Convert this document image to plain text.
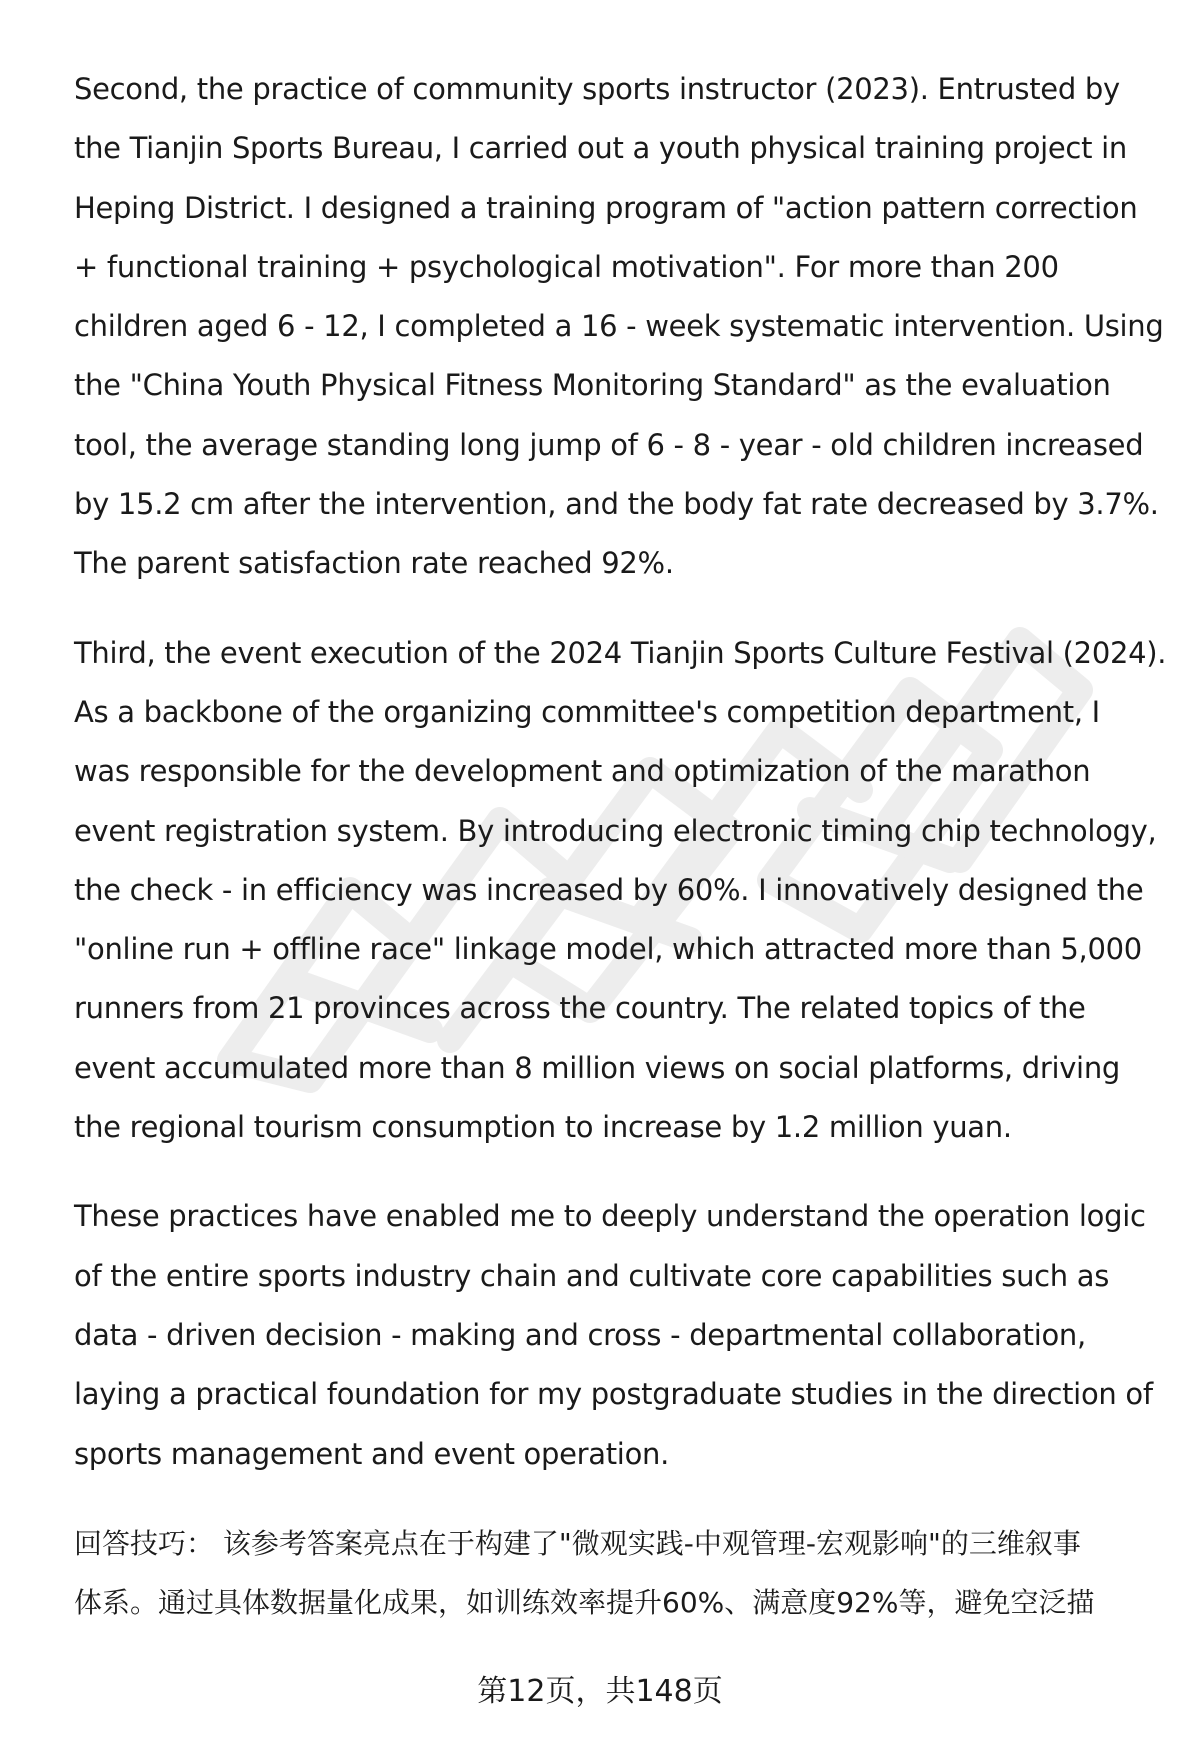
Second, the practice of community sports instructor (2023). Entrusted by
the Tianjin Sports Bureau, I carried out a youth physical training project in
Heping District. I designed a training program of "action pattern correction
+ functional training + psychological motivation". For more than 200
children aged 6 - 12, I completed a 16 - week systematic intervention. Using
the "China Youth Physical Fitness Monitoring Standard" as the evaluation
tool, the average standing long jump of 6 - 8 - year - old children increased
by 15.2 cm after the intervention, and the body fat rate decreased by 3.7%.
The parent satisfaction rate reached 92%.
Third, the event execution of the 2024 Tianjin Sports Culture Festival (2024).
As a backbone of the organizing committee's competition department, I
was responsible for the development and optimization of the marathon
event registration system. By introducing electronic timing chip technology,
the check - in efficiency was increased by 60%. I innovatively designed the
"online run + offline race" linkage model, which attracted more than 5,000
runners from 21 provinces across the country. The related topics of the
event accumulated more than 8 million views on social platforms, driving
the regional tourism consumption to increase by 1.2 million yuan.
These practices have enabled me to deeply understand the operation logic
of the entire sports industry chain and cultivate core capabilities such as
data - driven decision - making and cross - departmental collaboration,
laying a practical foundation for my postgraduate studies in the direction of
sports management and event operation.
回答技巧： 该参考答案亮点在于构建了"微观实践-中观管理-宏观影响"的三维叙事
体系。通过具体数据量化成果，如训练效率提升60%、满意度92%等，避免空泛描
第12页，共148页
